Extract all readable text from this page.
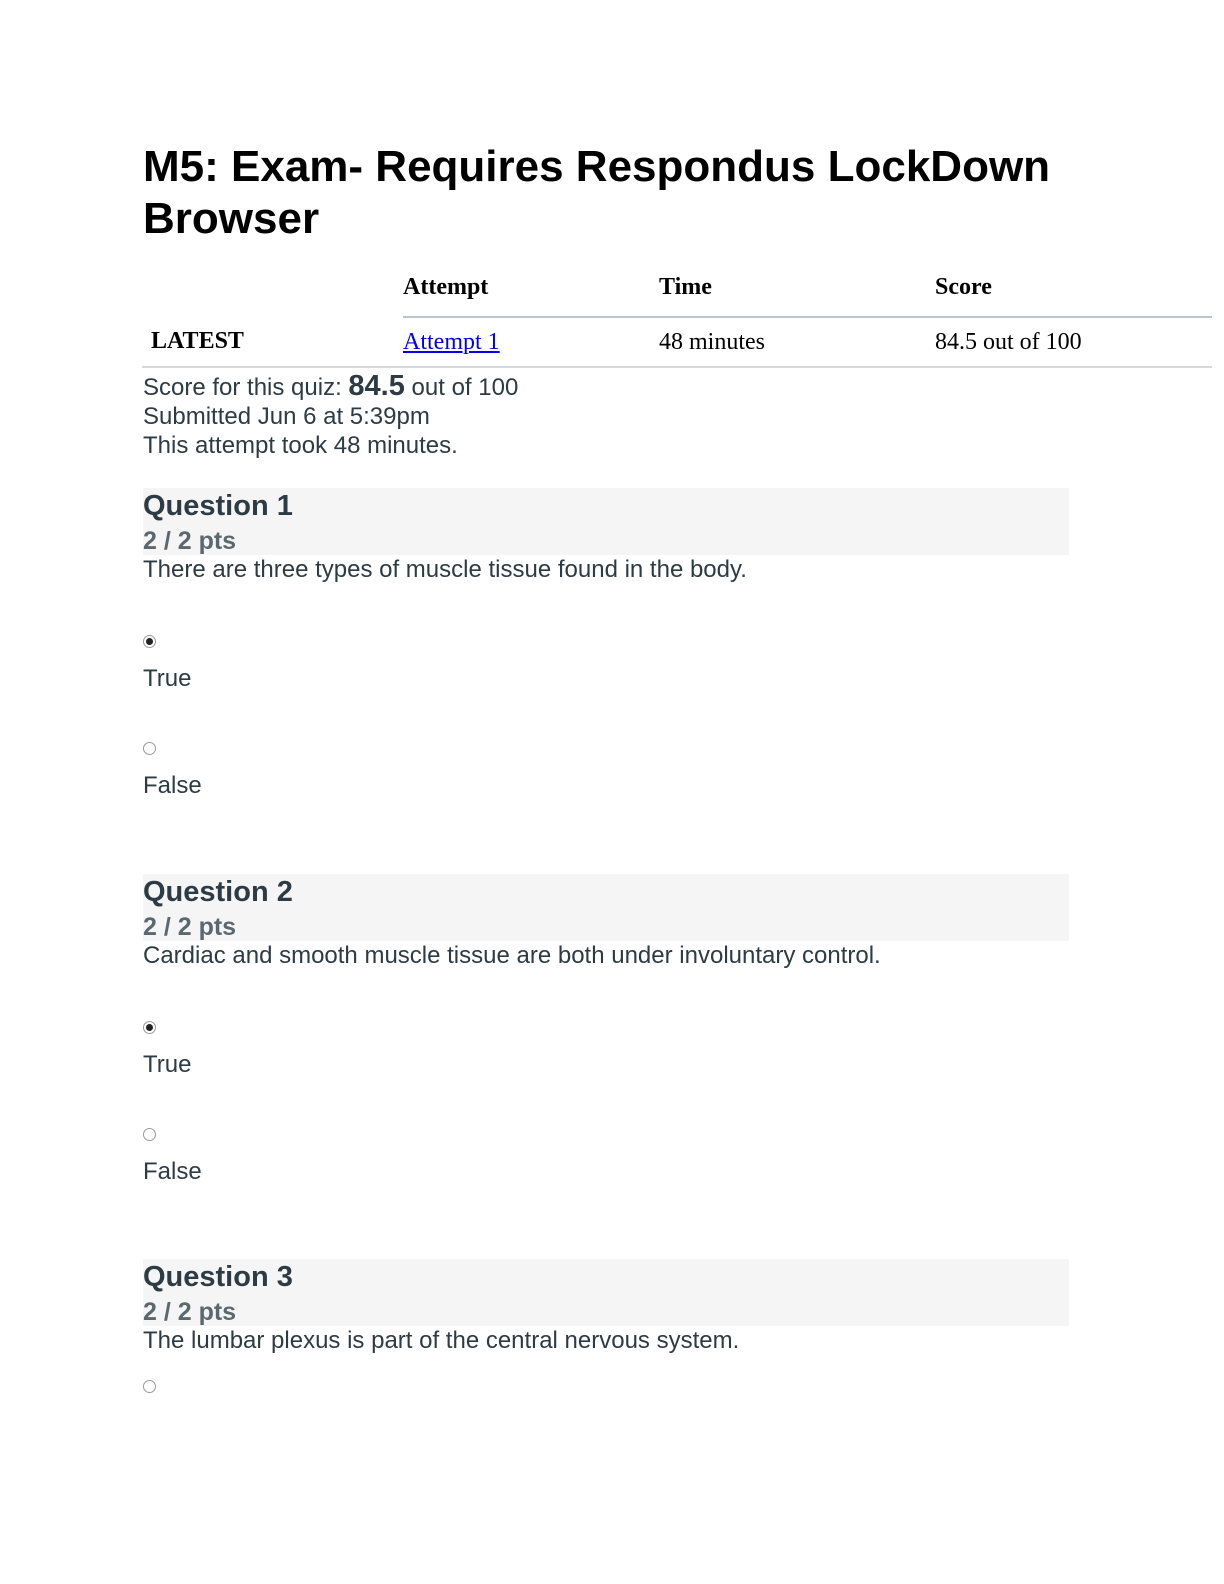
M5: Exam- Requires Respondus LockDown Browser
	Attempt	Time	Score
LATEST	Attempt 1	48 minutes	84.5 out of 100
Score for this quiz: 84.5 out of 100
Submitted Jun 6 at 5:39pm
This attempt took 48 minutes.
Question 1
2 / 2 pts
There are three types of muscle tissue found in the body.
True
False
Question 2
2 / 2 pts
Cardiac and smooth muscle tissue are both under involuntary control.
True
False
Question 3
2 / 2 pts
The lumbar plexus is part of the central nervous system.
